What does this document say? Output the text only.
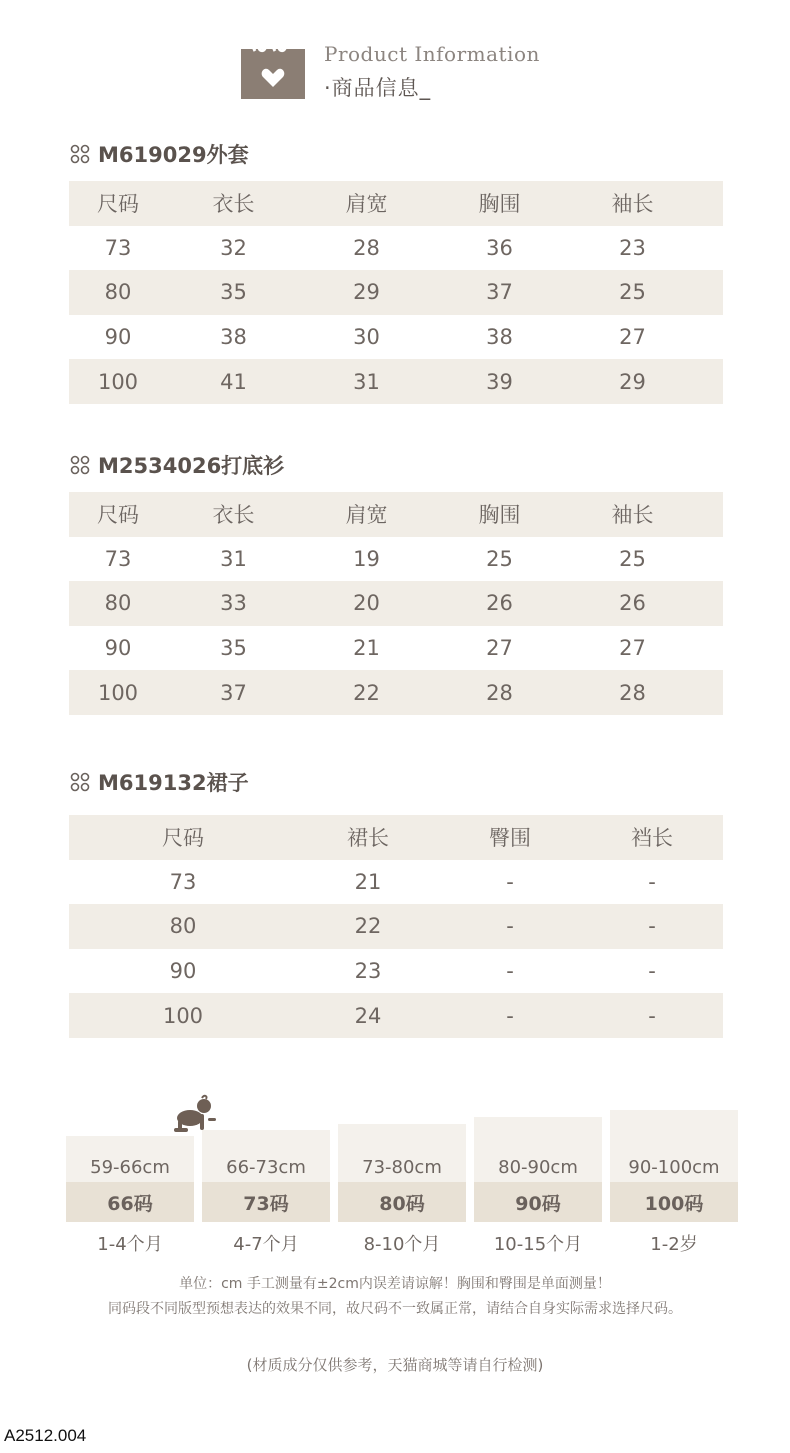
Product Information
·商品信息_
M619029外套
尺码	衣长	肩宽	胸围	袖长
73	32	28	36	23
80	35	29	37	25
90	38	30	38	27
100	41	31	39	29
M2534026打底衫
尺码	衣长	肩宽	胸围	袖长
73	31	19	25	25
80	33	20	26	26
90	35	21	27	27
100	37	22	28	28
M619132裙子
尺码	裙长	臀围	裆长
73	21	-	-
80	22	-	-
90	23	-	-
100	24	-	-
66码
59-66cm
1-4个月
73码
66-73cm
4-7个月
80码
73-80cm
8-10个月
90码
80-90cm
10-15个月
100码
90-100cm
1-2岁
单位：cm 手工测量有±2cm内误差请谅解！胸围和臀围是单面测量！
同码段不同版型预想表达的效果不同，故尺码不一致属正常，请结合自身实际需求选择尺码。
(材质成分仅供参考，天猫商城等请自行检测)
A2512.004
